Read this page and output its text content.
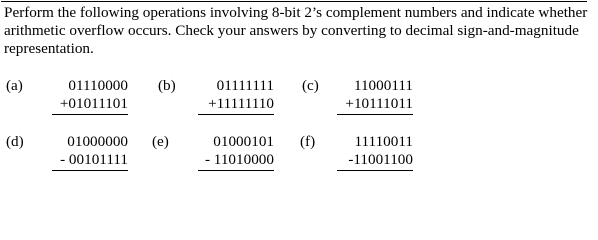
Perform the following operations involving 8-bit 2’s complement numbers and indicate whether arithmetic overflow occurs. Check your answers by converting to decimal sign-and-magnitude representation.

(a)	01110000
+01011101
(b)	01111111
+11111110
(c)	11000111
+10111011
(d)	01000000
- 00101111
(e)	01000101
- 11010000
(f)	11110011
-11001100
